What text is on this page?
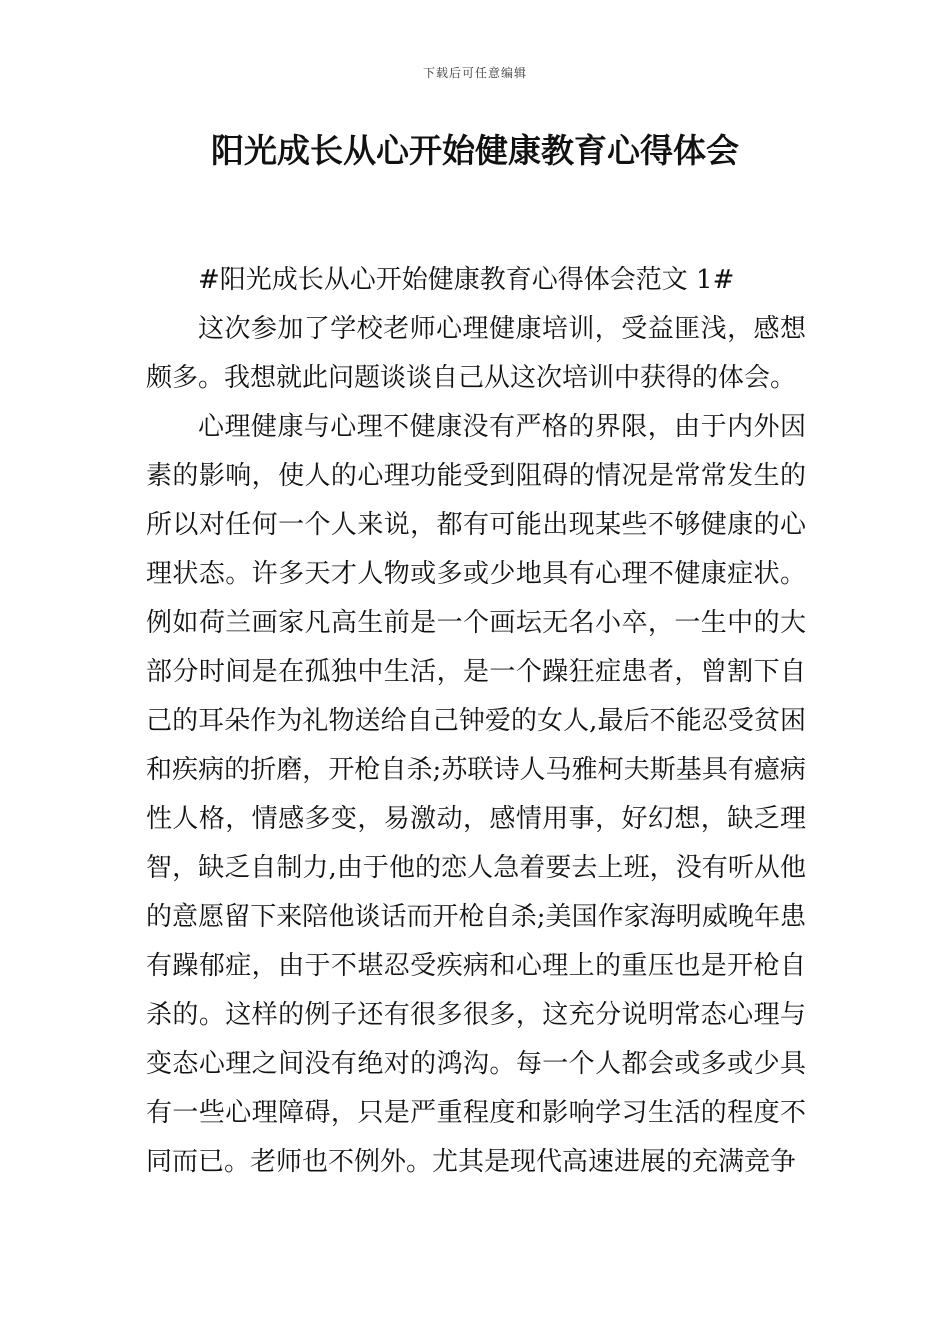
下载后可任意编辑
阳光成长从心开始健康教育心得体会

#阳光成长从心开始健康教育心得体会范文 1#

这次参加了学校老师心理健康培训，受益匪浅，感想颇多。我想就此问题谈谈自己从这次培训中获得的体会。

心理健康与心理不健康没有严格的界限，由于内外因素的影响，使人的心理功能受到阻碍的情况是常常发生的所以对任何一个人来说，都有可能出现某些不够健康的心理状态。许多天才人物或多或少地具有心理不健康症状。例如荷兰画家凡高生前是一个画坛无名小卒，一生中的大部分时间是在孤独中生活，是一个躁狂症患者，曾割下自己的耳朵作为礼物送给自己钟爱的女人,最后不能忍受贫困和疾病的折磨，开枪自杀;苏联诗人马雅柯夫斯基具有癔病性人格，情感多变，易激动，感情用事，好幻想，缺乏理智，缺乏自制力,由于他的恋人急着要去上班，没有听从他的意愿留下来陪他谈话而开枪自杀;美国作家海明威晚年患有躁郁症，由于不堪忍受疾病和心理上的重压也是开枪自杀的。这样的例子还有很多很多，这充分说明常态心理与变态心理之间没有绝对的鸿沟。每一个人都会或多或少具有一些心理障碍，只是严重程度和影响学习生活的程度不同而已。老师也不例外。尤其是现代高速进展的充满竞争
